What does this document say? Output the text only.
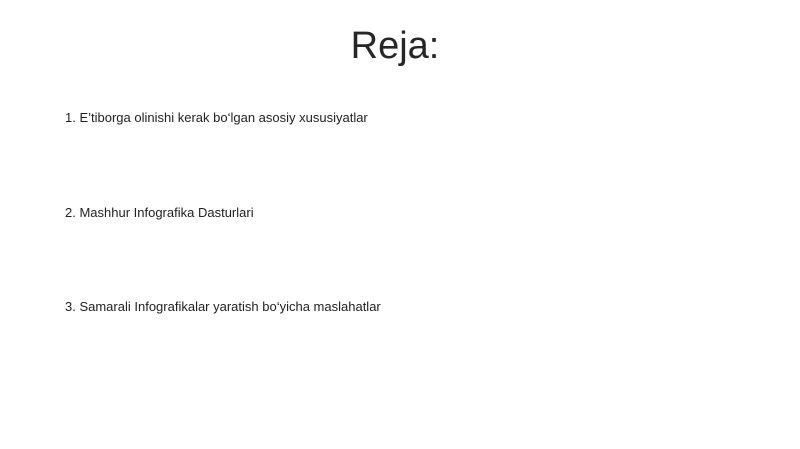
Reja:
1. E’tiborga olinishi kerak bo‘lgan asosiy xususiyatlar
2. Mashhur Infografika Dasturlari
3. Samarali Infografikalar yaratish bo‘yicha maslahatlar
